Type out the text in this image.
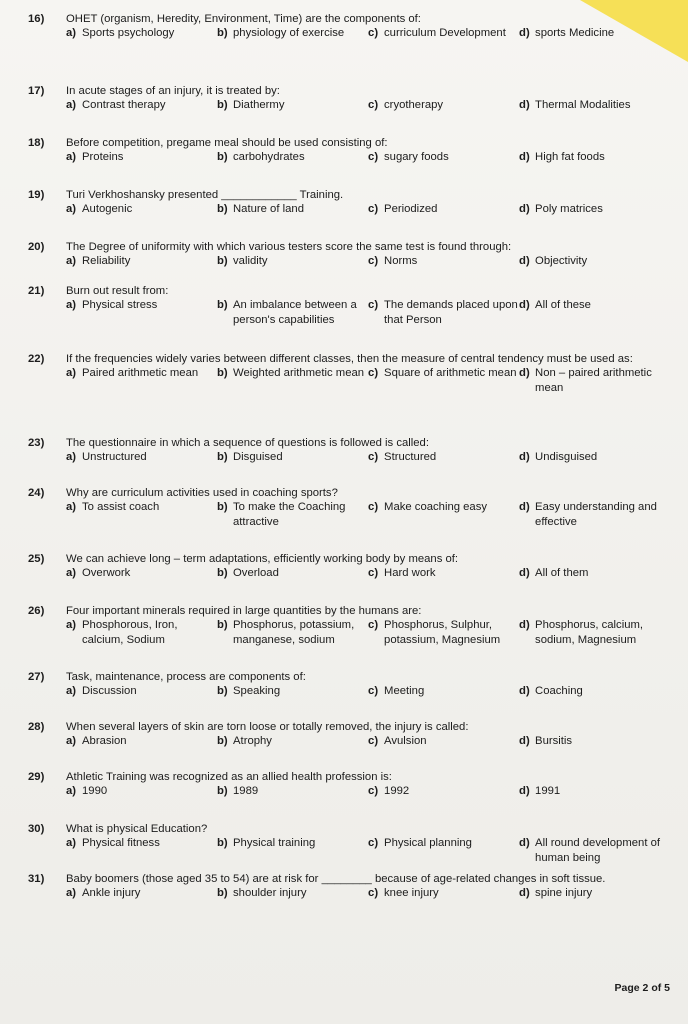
16)	OHET (organism, Heredity, Environment, Time) are the components of:
a) Sports psychology	b) physiology of exercise	c) curriculum Development	d) sports Medicine
17)	In acute stages of an injury, it is treated by:
a) Contrast therapy	b) Diathermy	c) cryotherapy	d) Thermal Modalities
18)	Before competition, pregame meal should be used consisting of:
a) Proteins	b) carbohydrates	c) sugary foods	d) High fat foods
19)	Turi Verkhoshansky presented ____________ Training.
a) Autogenic	b) Nature of land	c) Periodized	d) Poly matrices
20)	The Degree of uniformity with which various testers score the same test is found through:
a) Reliability	b) validity	c) Norms	d) Objectivity
21)	Burn out result from:
a) Physical stress	b) An imbalance between a person's capabilities
c) The demands placed upon that Person
d) All of these
22)	If the frequencies widely varies between different classes, then the measure of central tendency must be used as:
a) Paired arithmetic mean	b) Weighted arithmetic mean c) Square of arithmetic mean d) Non – paired arithmetic mean
23)	The questionnaire in which a sequence of questions is followed is called:
a) Unstructured	b) Disguised	c) Structured	d) Undisguised
24)	Why are curriculum activities used in coaching sports?
a) To assist coach	b) To make the Coaching attractive
c) Make coaching easy	d) Easy understanding and effective
25)	We can achieve long – term adaptations, efficiently working body by means of:
a) Overwork	b) Overload	c) Hard work	d) All of them
26)	Four important minerals required in large quantities by the humans are:
a) Phosphorous, Iron, calcium, Sodium
b) Phosphorus, potassium, manganese, sodium
c) Phosphorus, Sulphur, potassium, Magnesium
d) Phosphorus, calcium, sodium, Magnesium
27)	Task, maintenance, process are components of:
a) Discussion	b) Speaking	c) Meeting	d) Coaching
28)	When several layers of skin are torn loose or totally removed, the injury is called:
a) Abrasion	b) Atrophy	c) Avulsion	d) Bursitis
29)	Athletic Training was recognized as an allied health profession is:
a) 1990	b) 1989	c) 1992	d) 1991
30)	What is physical Education?
a) Physical fitness	b) Physical training	c) Physical planning	d) All round development of human being
31)	Baby boomers (those aged 35 to 54) are at risk for ________ because of age-related changes in soft tissue.
a) Ankle injury	b) shoulder injury	c) knee injury	d) spine injury
Page 2 of 5
